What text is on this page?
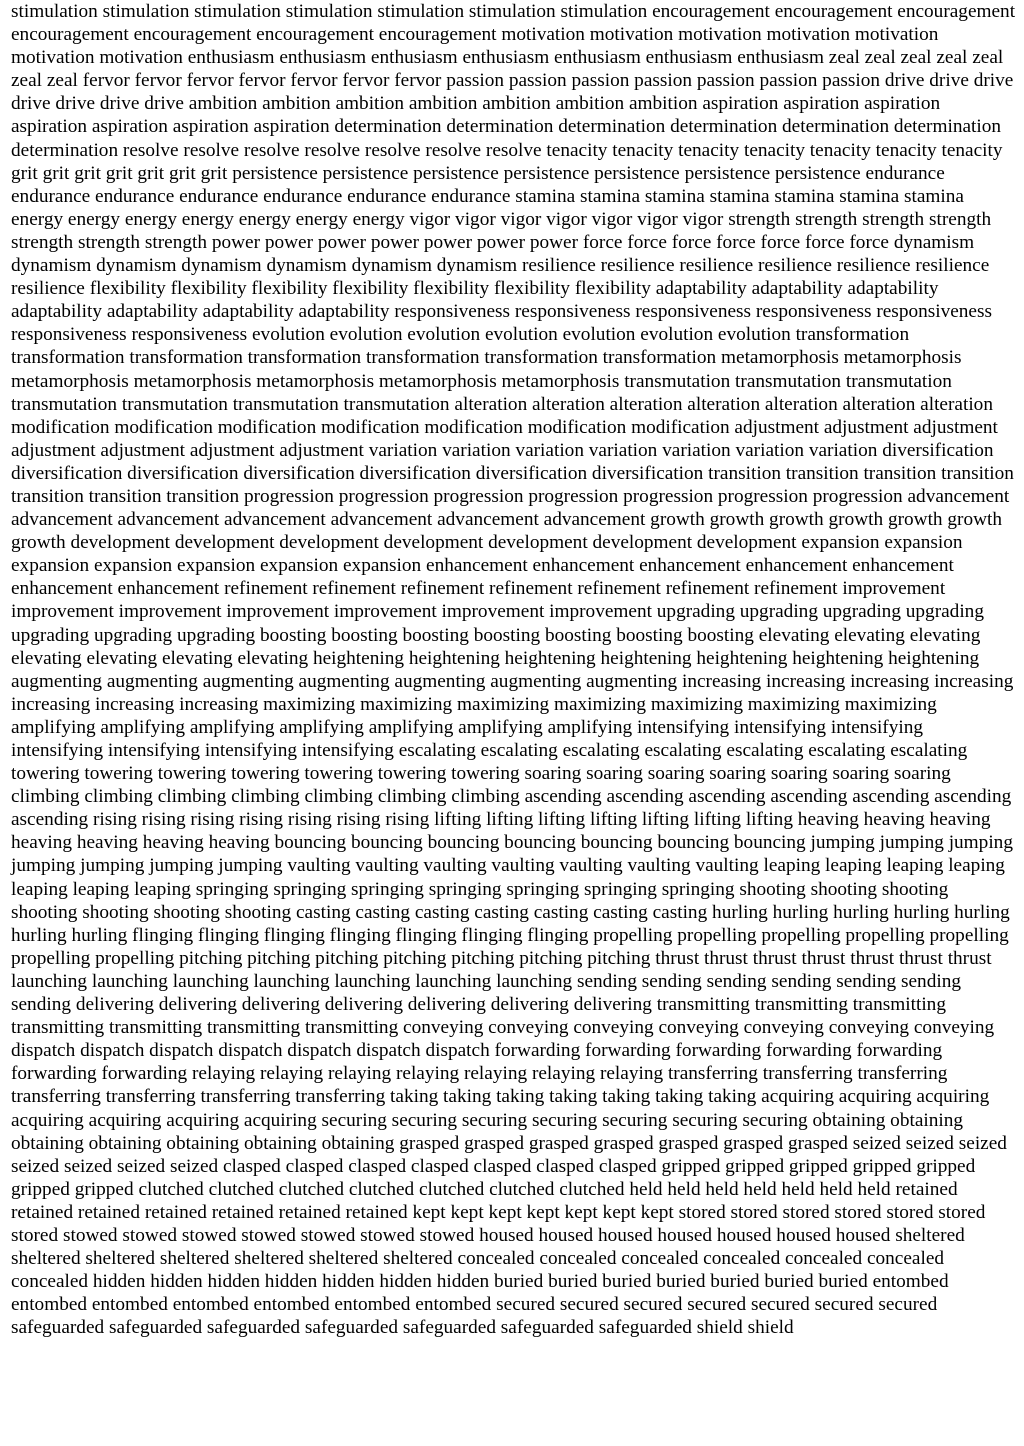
stimulation stimulation stimulation stimulation stimulation stimulation stimulation encouragement encouragement encouragement encouragement encouragement encouragement encouragement motivation motivation motivation motivation motivation motivation motivation enthusiasm enthusiasm enthusiasm enthusiasm enthusiasm enthusiasm enthusiasm zeal zeal zeal zeal zeal zeal zeal fervor fervor fervor fervor fervor fervor fervor passion passion passion passion passion passion passion drive drive drive drive drive drive drive ambition ambition ambition ambition ambition ambition ambition aspiration aspiration aspiration aspiration aspiration aspiration aspiration determination determination determination determination determination determination determination resolve resolve resolve resolve resolve resolve resolve tenacity tenacity tenacity tenacity tenacity tenacity tenacity grit grit grit grit grit grit grit persistence persistence persistence persistence persistence persistence persistence endurance endurance endurance endurance endurance endurance endurance stamina stamina stamina stamina stamina stamina stamina energy energy energy energy energy energy energy vigor vigor vigor vigor vigor vigor vigor strength strength strength strength strength strength strength power power power power power power power force force force force force force force dynamism dynamism dynamism dynamism dynamism dynamism dynamism resilience resilience resilience resilience resilience resilience resilience flexibility flexibility flexibility flexibility flexibility flexibility flexibility adaptability adaptability adaptability adaptability adaptability adaptability adaptability responsiveness responsiveness responsiveness responsiveness responsiveness responsiveness responsiveness evolution evolution evolution evolution evolution evolution evolution transformation transformation transformation transformation transformation transformation transformation metamorphosis metamorphosis metamorphosis metamorphosis metamorphosis metamorphosis metamorphosis transmutation transmutation transmutation transmutation transmutation transmutation transmutation alteration alteration alteration alteration alteration alteration alteration modification modification modification modification modification modification modification adjustment adjustment adjustment adjustment adjustment adjustment adjustment variation variation variation variation variation variation variation diversification diversification diversification diversification diversification diversification diversification transition transition transition transition transition transition transition progression progression progression progression progression progression progression advancement advancement advancement advancement advancement advancement advancement growth growth growth growth growth growth growth development development development development development development development expansion expansion expansion expansion expansion expansion expansion enhancement enhancement enhancement enhancement enhancement enhancement enhancement refinement refinement refinement refinement refinement refinement refinement improvement improvement improvement improvement improvement improvement improvement upgrading upgrading upgrading upgrading upgrading upgrading upgrading boosting boosting boosting boosting boosting boosting boosting elevating elevating elevating elevating elevating elevating elevating heightening heightening heightening heightening heightening heightening heightening augmenting augmenting augmenting augmenting augmenting augmenting augmenting increasing increasing increasing increasing increasing increasing increasing maximizing maximizing maximizing maximizing maximizing maximizing maximizing amplifying amplifying amplifying amplifying amplifying amplifying amplifying intensifying intensifying intensifying intensifying intensifying intensifying intensifying escalating escalating escalating escalating escalating escalating escalating towering towering towering towering towering towering towering soaring soaring soaring soaring soaring soaring soaring climbing climbing climbing climbing climbing climbing climbing ascending ascending ascending ascending ascending ascending ascending rising rising rising rising rising rising rising lifting lifting lifting lifting lifting lifting lifting heaving heaving heaving heaving heaving heaving heaving bouncing bouncing bouncing bouncing bouncing bouncing bouncing jumping jumping jumping jumping jumping jumping jumping vaulting vaulting vaulting vaulting vaulting vaulting vaulting leaping leaping leaping leaping leaping leaping leaping springing springing springing springing springing springing springing shooting shooting shooting shooting shooting shooting shooting casting casting casting casting casting casting casting hurling hurling hurling hurling hurling hurling hurling flinging flinging flinging flinging flinging flinging flinging propelling propelling propelling propelling propelling propelling propelling pitching pitching pitching pitching pitching pitching pitching thrust thrust thrust thrust thrust thrust thrust launching launching launching launching launching launching launching sending sending sending sending sending sending sending delivering delivering delivering delivering delivering delivering delivering transmitting transmitting transmitting transmitting transmitting transmitting transmitting conveying conveying conveying conveying conveying conveying conveying dispatch dispatch dispatch dispatch dispatch dispatch dispatch forwarding forwarding forwarding forwarding forwarding forwarding forwarding relaying relaying relaying relaying relaying relaying relaying transferring transferring transferring transferring transferring transferring transferring taking taking taking taking taking taking taking acquiring acquiring acquiring acquiring acquiring acquiring acquiring securing securing securing securing securing securing securing obtaining obtaining obtaining obtaining obtaining obtaining obtaining grasped grasped grasped grasped grasped grasped grasped seized seized seized seized seized seized seized clasped clasped clasped clasped clasped clasped clasped gripped gripped gripped gripped gripped gripped gripped clutched clutched clutched clutched clutched clutched clutched held held held held held held held retained retained retained retained retained retained retained kept kept kept kept kept kept kept stored stored stored stored stored stored stored stowed stowed stowed stowed stowed stowed stowed housed housed housed housed housed housed housed sheltered sheltered sheltered sheltered sheltered sheltered sheltered concealed concealed concealed concealed concealed concealed concealed hidden hidden hidden hidden hidden hidden hidden buried buried buried buried buried buried buried entombed entombed entombed entombed entombed entombed entombed secured secured secured secured secured secured secured safeguarded safeguarded safeguarded safeguarded safeguarded safeguarded safeguarded shield shield
